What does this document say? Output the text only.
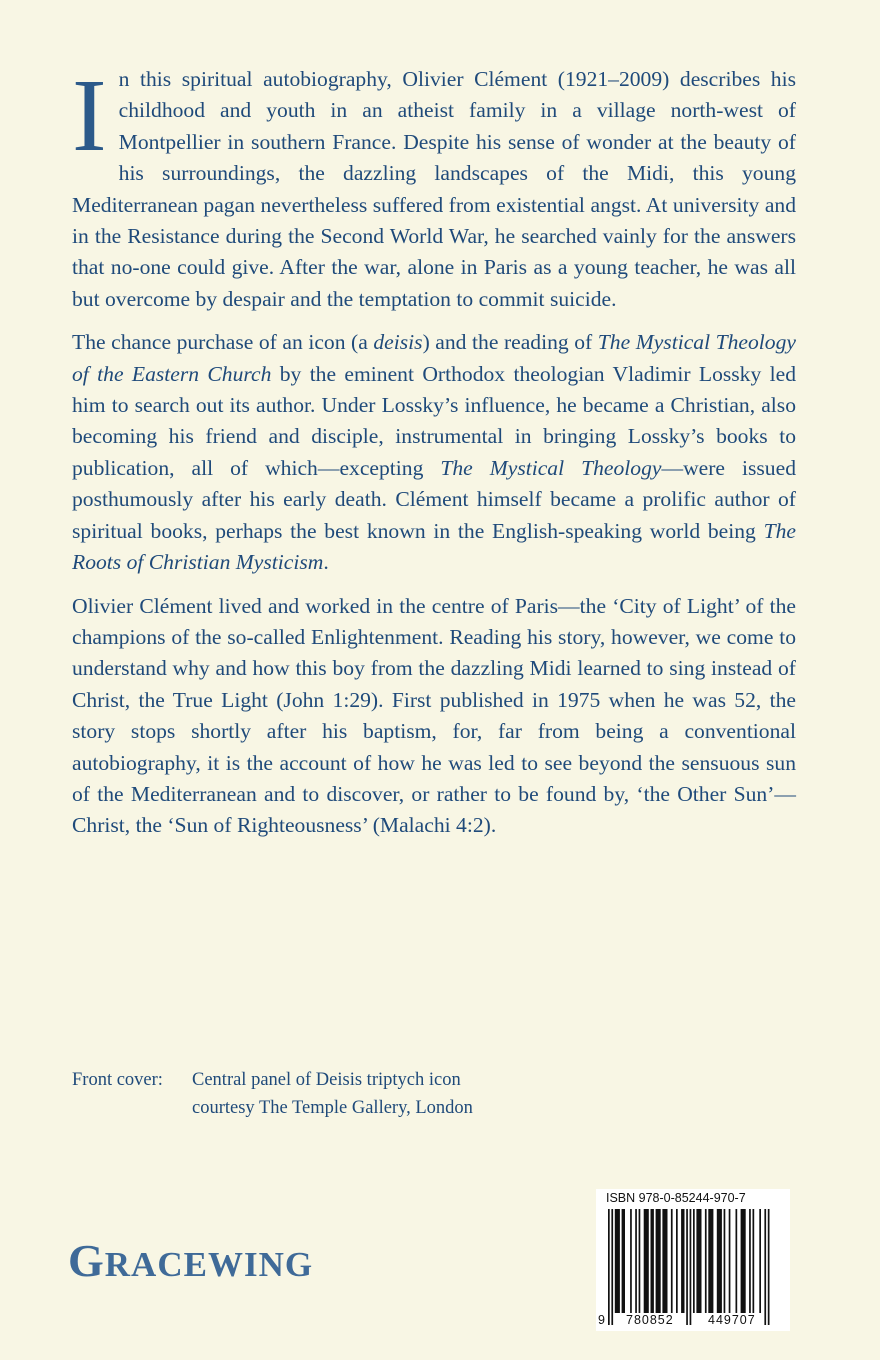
In this spiritual autobiography, Olivier Clément (1921–2009) describes his childhood and youth in an atheist family in a village north-west of Montpellier in southern France. Despite his sense of wonder at the beauty of his surroundings, the dazzling landscapes of the Midi, this young Mediterranean pagan nevertheless suffered from existential angst. At university and in the Resistance during the Second World War, he searched vainly for the answers that no-one could give. After the war, alone in Paris as a young teacher, he was all but overcome by despair and the temptation to commit suicide.

The chance purchase of an icon (a deisis) and the reading of The Mystical Theology of the Eastern Church by the eminent Orthodox theologian Vladimir Lossky led him to search out its author. Under Lossky’s influence, he became a Christian, also becoming his friend and disciple, instrumental in bringing Lossky’s books to publication, all of which—excepting The Mystical Theology—were issued posthumously after his early death. Clément himself became a prolific author of spiritual books, perhaps the best known in the English-speaking world being The Roots of Christian Mysticism.

Olivier Clément lived and worked in the centre of Paris—the ‘City of Light’ of the champions of the so-called Enlightenment. Reading his story, however, we come to understand why and how this boy from the dazzling Midi learned to sing instead of Christ, the True Light (John 1:29). First published in 1975 when he was 52, the story stops shortly after his baptism, for, far from being a conventional autobiography, it is the account of how he was led to see beyond the sensuous sun of the Mediterranean and to discover, or rather to be found by, ‘the Other Sun’—Christ, the ‘Sun of Righteousness’ (Malachi 4:2).

Front cover:	Central panel of Deisis triptych icon
courtesy The Temple Gallery, London
GRACEWING
ISBN 978-0-85244-970-7
9 780852	449707
